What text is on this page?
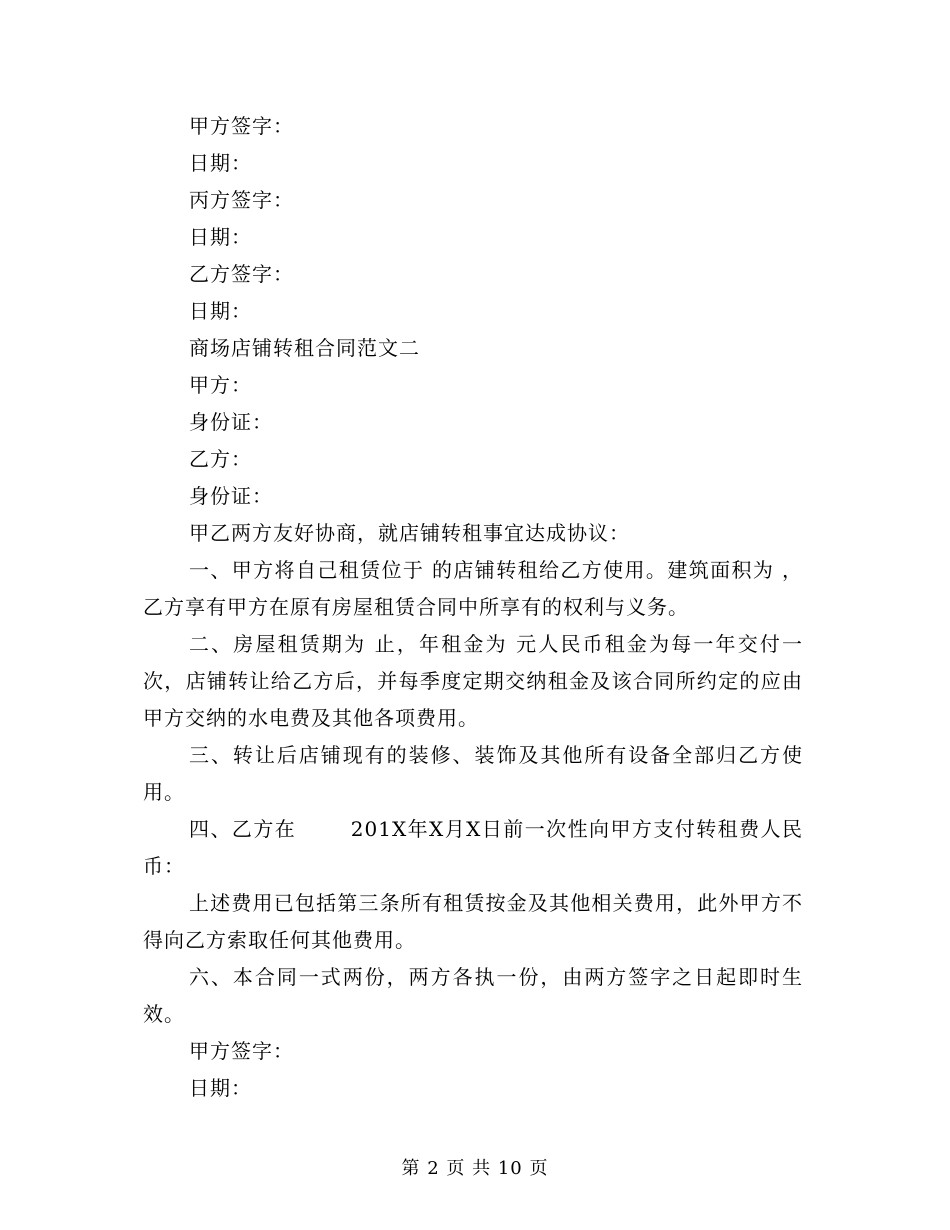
甲方签字：

日期：

丙方签字：

日期：

乙方签字：

日期：

商场店铺转租合同范文二

甲方：

身份证：

乙方：

身份证：

甲乙两方友好协商，就店铺转租事宜达成协议：

一、甲方将自己租赁位于 的店铺转租给乙方使用。建筑面积为 ，乙方享有甲方在原有房屋租赁合同中所享有的权利与义务。

二、房屋租赁期为 止，年租金为 元人民币租金为每一年交付一次，店铺转让给乙方后，并每季度定期交纳租金及该合同所约定的应由甲方交纳的水电费及其他各项费用。

三、转让后店铺现有的装修、装饰及其他所有设备全部归乙方使用。

四、乙方在       201X年X月X日前一次性向甲方支付转租费人民币：

上述费用已包括第三条所有租赁按金及其他相关费用，此外甲方不得向乙方索取任何其他费用。

六、本合同一式两份，两方各执一份，由两方签字之日起即时生效。

甲方签字：

日期：

第 2 页 共 10 页
